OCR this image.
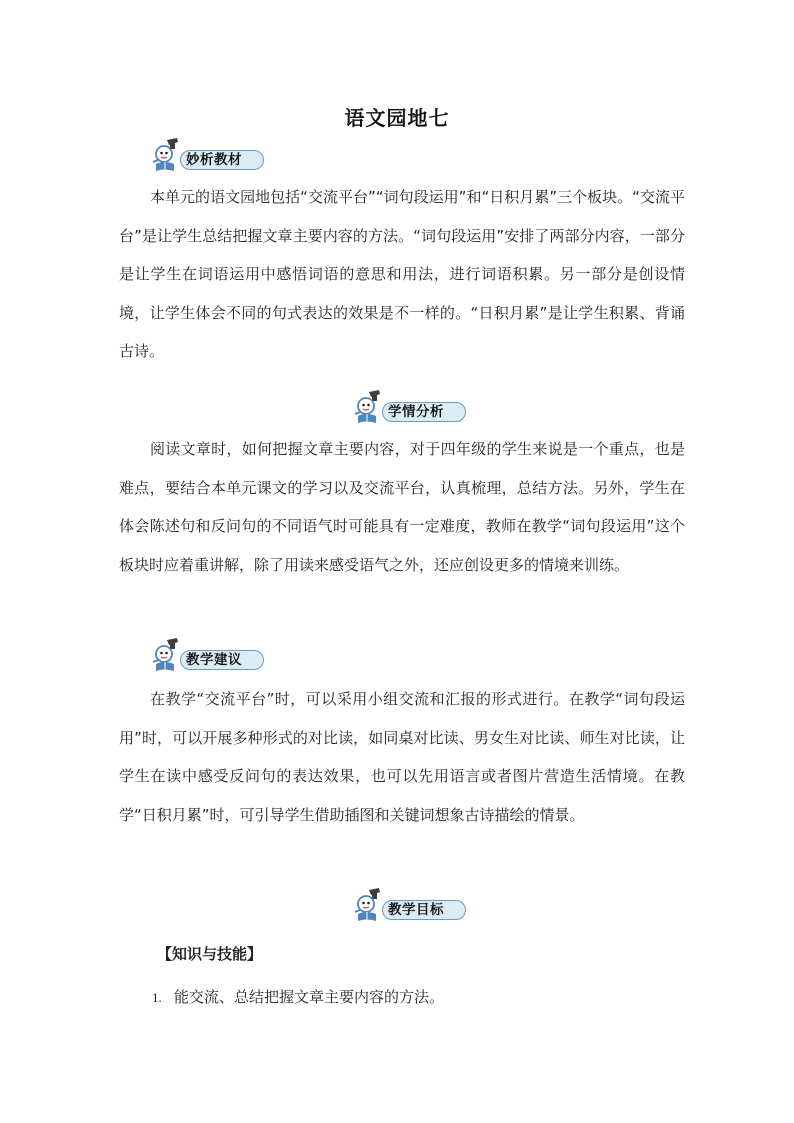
语文园地七
妙析教材

本单元的语文园地包括“交流平台”“词句段运用”和“日积月累”三个板块。“交流平台”是让学生总结把握文章主要内容的方法。“词句段运用”安排了两部分内容，一部分是让学生在词语运用中感悟词语的意思和用法，进行词语积累。另一部分是创设情境，让学生体会不同的句式表达的效果是不一样的。“日积月累”是让学生积累、背诵古诗。

学情分析

阅读文章时，如何把握文章主要内容，对于四年级的学生来说是一个重点，也是难点，要结合本单元课文的学习以及交流平台，认真梳理，总结方法。另外，学生在体会陈述句和反问句的不同语气时可能具有一定难度，教师在教学“词句段运用”这个板块时应着重讲解，除了用读来感受语气之外，还应创设更多的情境来训练。

教学建议

在教学“交流平台”时，可以采用小组交流和汇报的形式进行。在教学“词句段运用”时，可以开展多种形式的对比读，如同桌对比读、男女生对比读、师生对比读，让学生在读中感受反问句的表达效果，也可以先用语言或者图片营造生活情境。在教学“日积月累”时，可引导学生借助插图和关键词想象古诗描绘的情景。

教学目标
【知识与技能】
1. 能交流、总结把握文章主要内容的方法。
